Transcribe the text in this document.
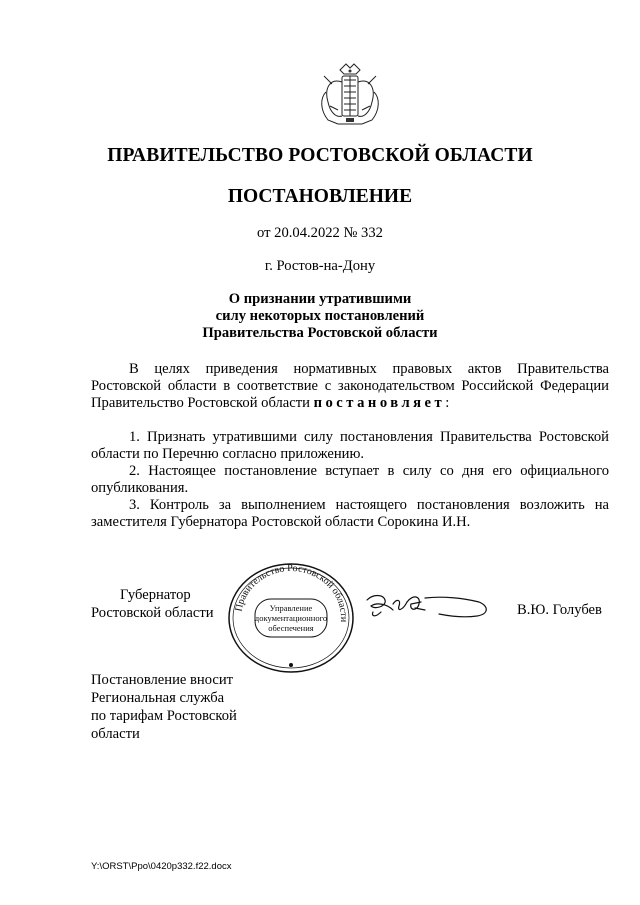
ПРАВИТЕЛЬСТВО РОСТОВСКОЙ ОБЛАСТИ
ПОСТАНОВЛЕНИЕ
от 20.04.2022 № 332
г. Ростов-на-Дону
О признании утратившими
силу некоторых постановлений
Правительства Ростовской области
В целях приведения нормативных правовых актов Правительства Ростовской области в соответствие с законодательством Российской Федерации Правительство Ростовской области постановляет:

1. Признать утратившими силу постановления Правительства Ростовской области по Перечню согласно приложению.

2. Настоящее постановление вступает в силу со дня его официального опубликования.

3. Контроль за выполнением настоящего постановления возложить на заместителя Губернатора Ростовской области Сорокина И.Н.

Губернатор
Ростовской области Правительство Ростовской области
Управление
документационного
обеспечения
В.Ю. Голубев
Постановление вносит
Региональная служба
по тарифам Ростовской
области
Y:\ORST\Ppo\0420p332.f22.docx
